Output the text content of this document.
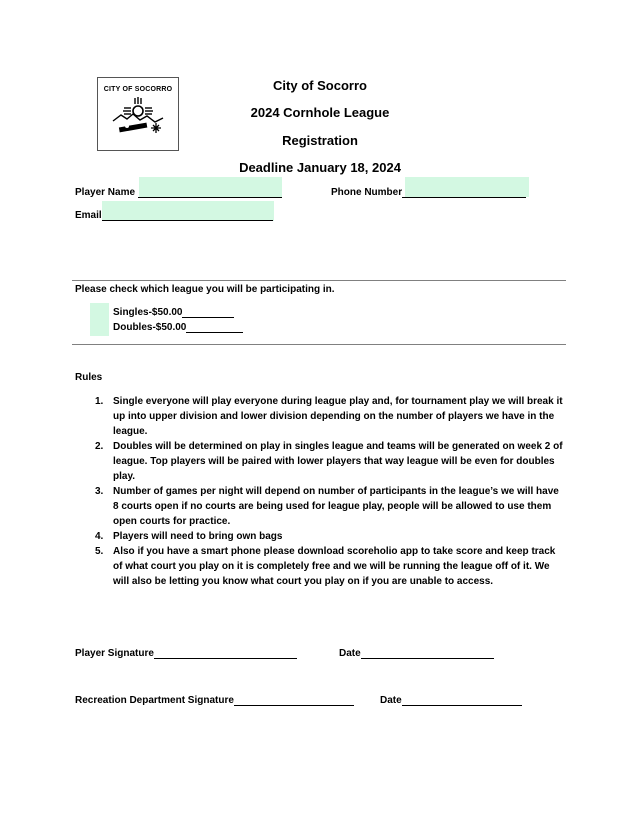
CITY OF SOCORRO	City of Socorro
2024 Cornhole League
Registration
Deadline January 18, 2024
Player Name	Phone Number
Email
Please check which league you will be participating in.
Singles-$50.00
Doubles-$50.00
Rules
1. Single everyone will play everyone during league play and, for tournament play we will break it up into upper division and lower division depending on the number of players we have in the league.
2. Doubles will be determined on play in singles league and teams will be generated on week 2 of league. Top players will be paired with lower players that way league will be even for doubles play.
3. Number of games per night will depend on number of participants in the league’s we will have 8 courts open if no courts are being used for league play, people will be allowed to use them open courts for practice.
4. Players will need to bring own bags
5. Also if you have a smart phone please download scoreholio app to take score and keep track of what court you play on it is completely free and we will be running the league off of it. We will also be letting you know what court you play on if you are unable to access.
Player Signature	Date
Recreation Department Signature	Date
